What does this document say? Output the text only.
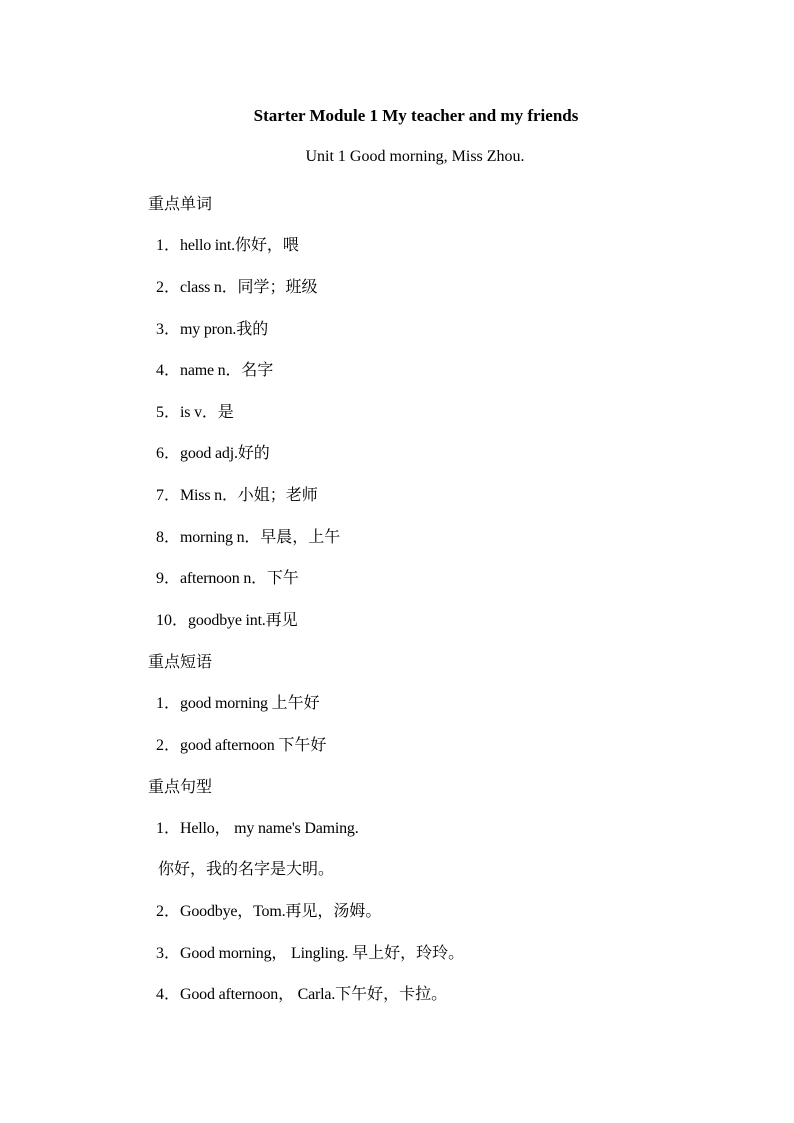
Starter Module 1 My teacher and my friends
Unit 1 Good morning, Miss Zhou.
重点单词
1．hello int.你好，喂
2．class n．同学；班级
3．my pron.我的
4．name n．名字
5．is v．是
6．good adj.好的
7．Miss n．小姐；老师
8．morning n．早晨，上午
9．afternoon n．下午
10．goodbye int.再见
重点短语
1．good morning 上午好
2．good afternoon 下午好
重点句型
1．Hello， my name's Daming.
你好，我的名字是大明。
2．Goodbye，Tom.再见，汤姆。
3．Good morning， Lingling. 早上好，玲玲。
4．Good afternoon， Carla.下午好，卡拉。
